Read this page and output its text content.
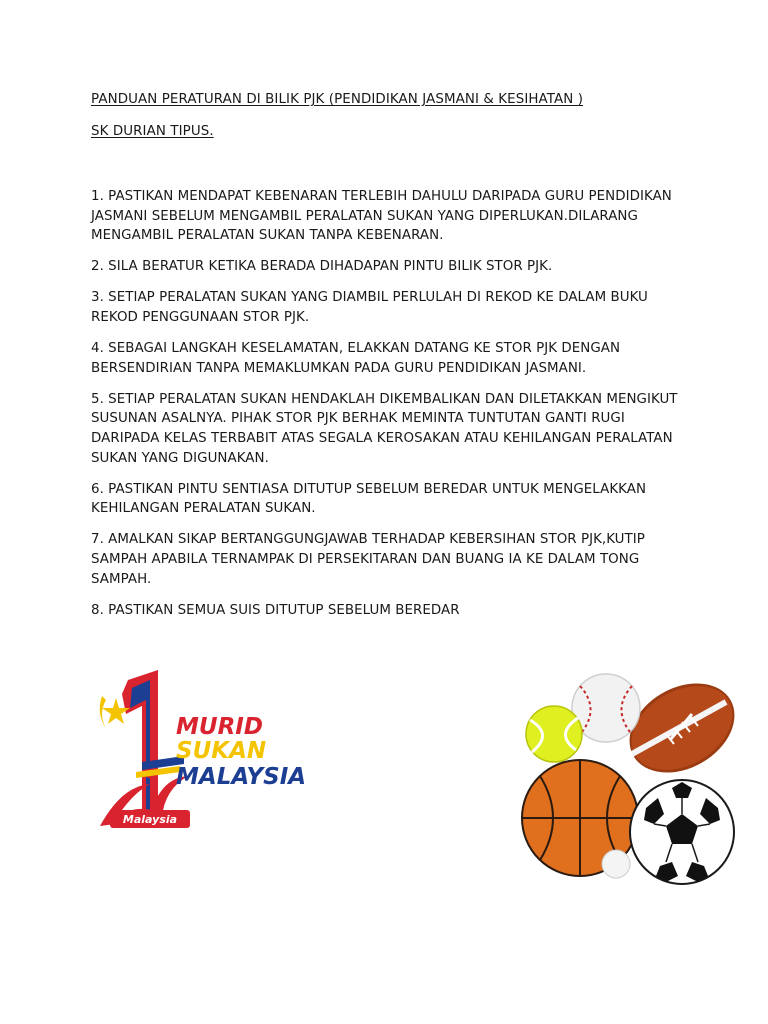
PANDUAN PERATURAN DI BILIK PJK (PENDIDIKAN JASMANI & KESIHATAN )
SK DURIAN TIPUS.
1. PASTIKAN MENDAPAT KEBENARAN TERLEBIH DAHULU DARIPADA GURU PENDIDIKAN JASMANI SEBELUM MENGAMBIL PERALATAN SUKAN YANG DIPERLUKAN.DILARANG MENGAMBIL PERALATAN SUKAN TANPA KEBENARAN.
2. SILA BERATUR KETIKA BERADA DIHADAPAN PINTU BILIK STOR PJK.
3. SETIAP PERALATAN SUKAN YANG DIAMBIL PERLULAH DI REKOD KE DALAM BUKU REKOD PENGGUNAAN STOR PJK.
4. SEBAGAI LANGKAH KESELAMATAN, ELAKKAN DATANG KE STOR PJK DENGAN BERSENDIRIAN TANPA MEMAKLUMKAN PADA GURU PENDIDIKAN JASMANI.
5. SETIAP PERALATAN SUKAN HENDAKLAH DIKEMBALIKAN DAN DILETAKKAN MENGIKUT SUSUNAN ASALNYA. PIHAK STOR PJK BERHAK MEMINTA TUNTUTAN GANTI RUGI DARIPADA KELAS TERBABIT ATAS SEGALA KEROSAKAN ATAU KEHILANGAN PERALATAN SUKAN YANG DIGUNAKAN.
6. PASTIKAN PINTU SENTIASA DITUTUP SEBELUM BEREDAR UNTUK MENGELAKKAN KEHILANGAN PERALATAN SUKAN.
7. AMALKAN SIKAP BERTANGGUNGJAWAB TERHADAP KEBERSIHAN STOR PJK,KUTIP SAMPAH APABILA TERNAMPAK DI PERSEKITARAN DAN BUANG IA KE DALAM TONG SAMPAH.
8. PASTIKAN SEMUA SUIS DITUTUP SEBELUM BEREDAR
Malaysia
MURID
SUKAN
MALAYSIA
